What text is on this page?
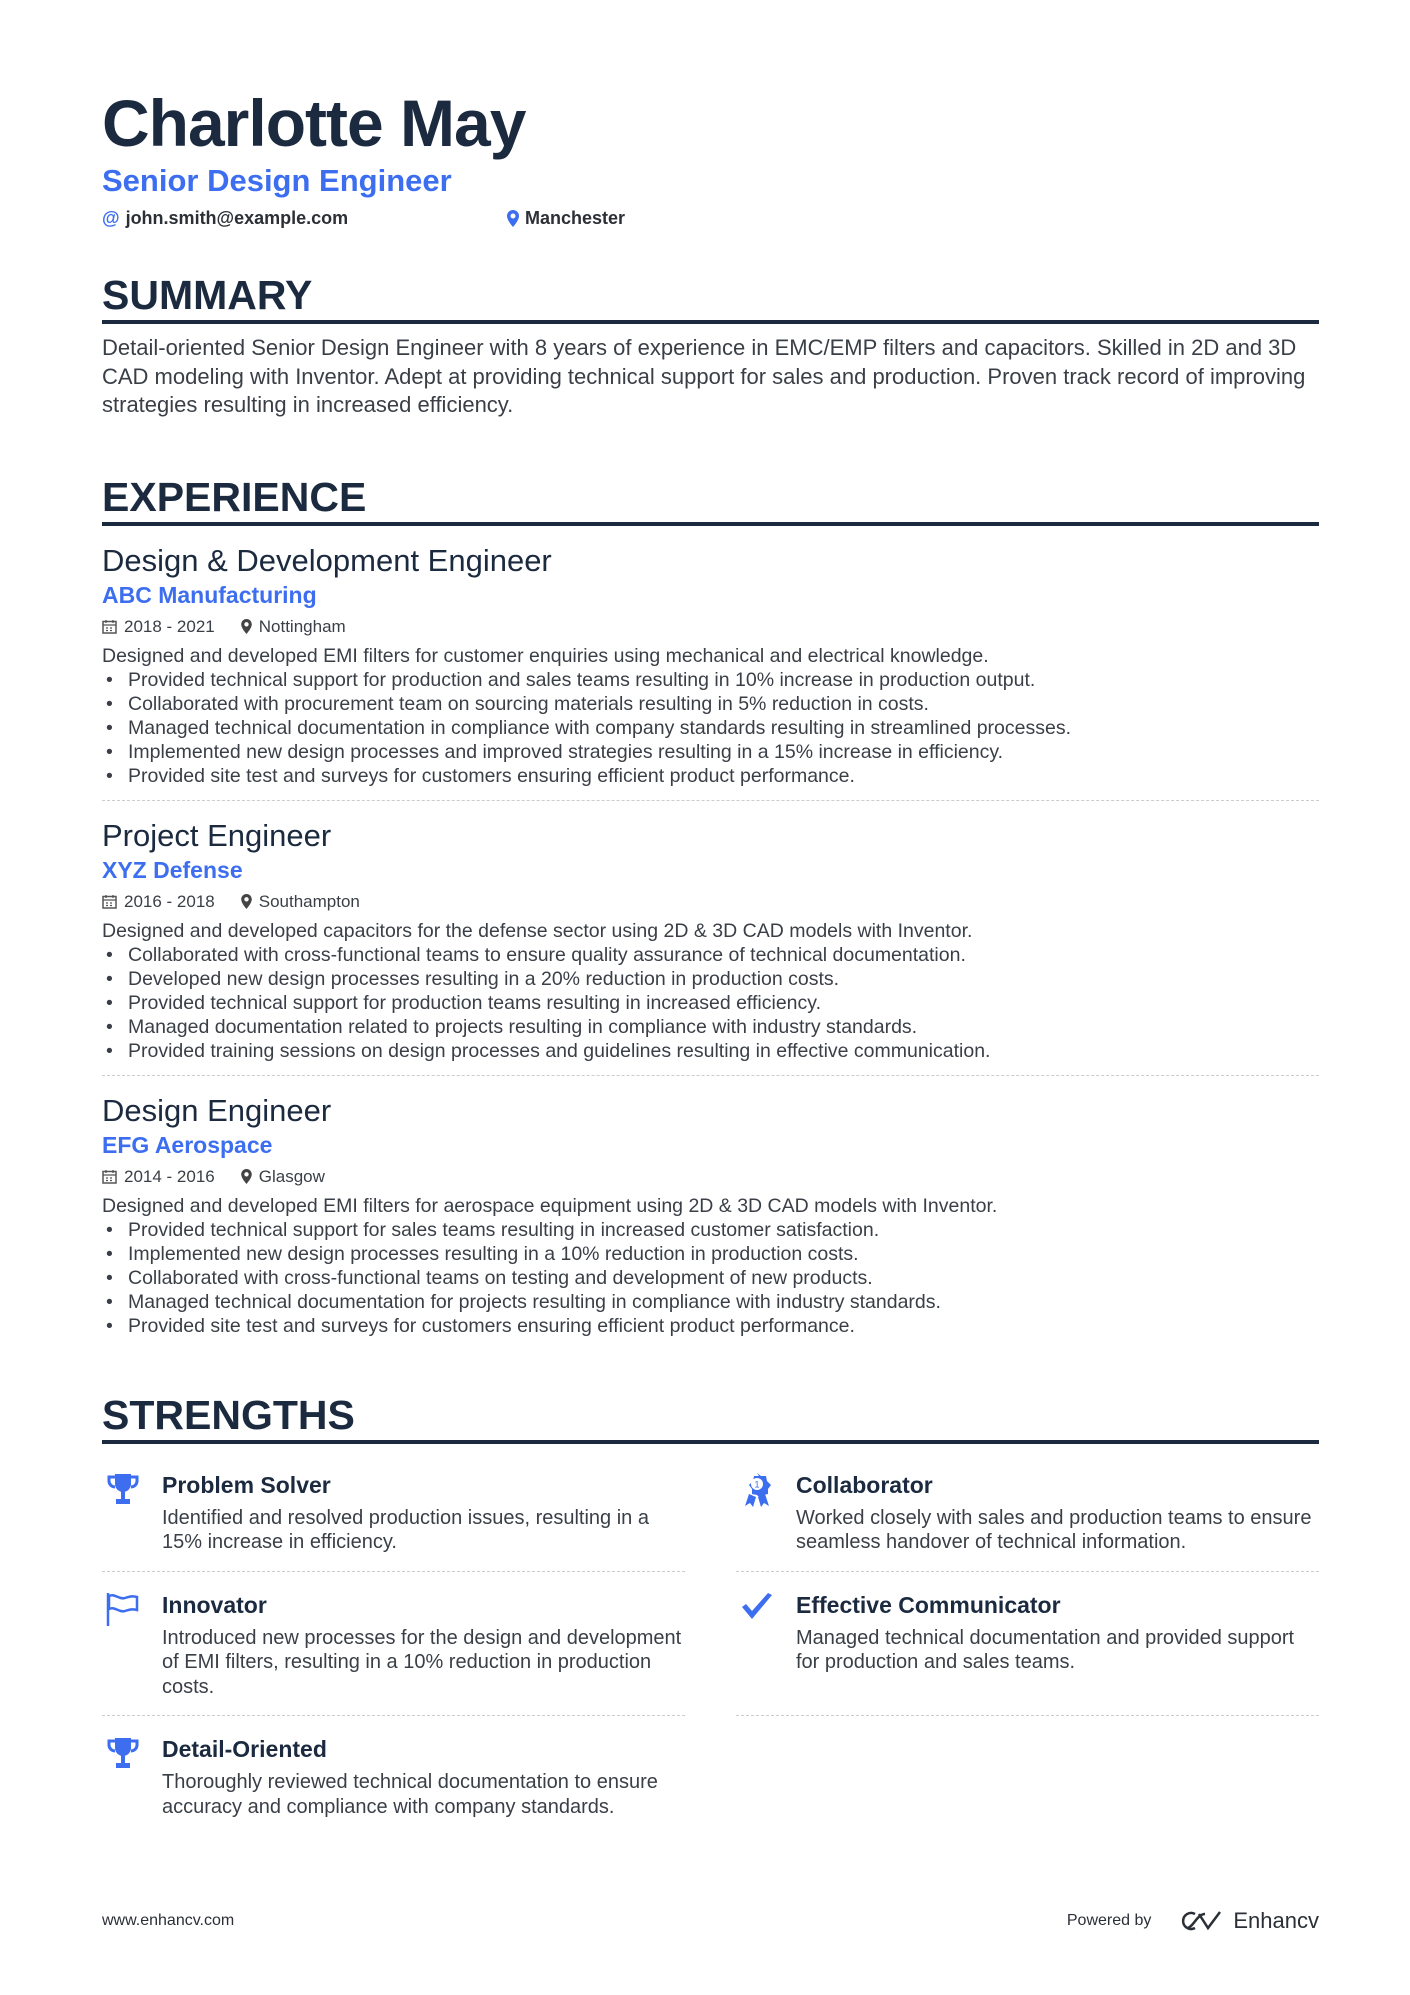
Charlotte May
Senior Design Engineer
@ john.smith@example.com	Manchester
SUMMARY
Detail-oriented Senior Design Engineer with 8 years of experience in EMC/EMP filters and capacitors. Skilled in 2D and 3D CAD modeling with Inventor. Adept at providing technical support for sales and production. Proven track record of improving strategies resulting in increased efficiency.
EXPERIENCE
Design & Development Engineer
ABC Manufacturing
2018 - 2021	Nottingham
Designed and developed EMI filters for customer enquiries using mechanical and electrical knowledge.
• Provided technical support for production and sales teams resulting in 10% increase in production output.
• Collaborated with procurement team on sourcing materials resulting in 5% reduction in costs.
• Managed technical documentation in compliance with company standards resulting in streamlined processes.
• Implemented new design processes and improved strategies resulting in a 15% increase in efficiency.
• Provided site test and surveys for customers ensuring efficient product performance.
Project Engineer
XYZ Defense
2016 - 2018	Southampton
Designed and developed capacitors for the defense sector using 2D & 3D CAD models with Inventor.
• Collaborated with cross-functional teams to ensure quality assurance of technical documentation.
• Developed new design processes resulting in a 20% reduction in production costs.
• Provided technical support for production teams resulting in increased efficiency.
• Managed documentation related to projects resulting in compliance with industry standards.
• Provided training sessions on design processes and guidelines resulting in effective communication.
Design Engineer
EFG Aerospace
2014 - 2016	Glasgow
Designed and developed EMI filters for aerospace equipment using 2D & 3D CAD models with Inventor.
• Provided technical support for sales teams resulting in increased customer satisfaction.
• Implemented new design processes resulting in a 10% reduction in production costs.
• Collaborated with cross-functional teams on testing and development of new products.
• Managed technical documentation for projects resulting in compliance with industry standards.
• Provided site test and surveys for customers ensuring efficient product performance.
STRENGTHS
Problem Solver

Identified and resolved production issues, resulting in a 15% increase in efficiency.

1 Collaborator

Worked closely with sales and production teams to ensure seamless handover of technical information.

Innovator

Introduced new processes for the design and development of EMI filters, resulting in a 10% reduction in production costs.

Effective Communicator

Managed technical documentation and provided support for production and sales teams.

Detail-Oriented

Thoroughly reviewed technical documentation to ensure accuracy and compliance with company standards.

www.enhancv.com	Powered by	Enhancv
